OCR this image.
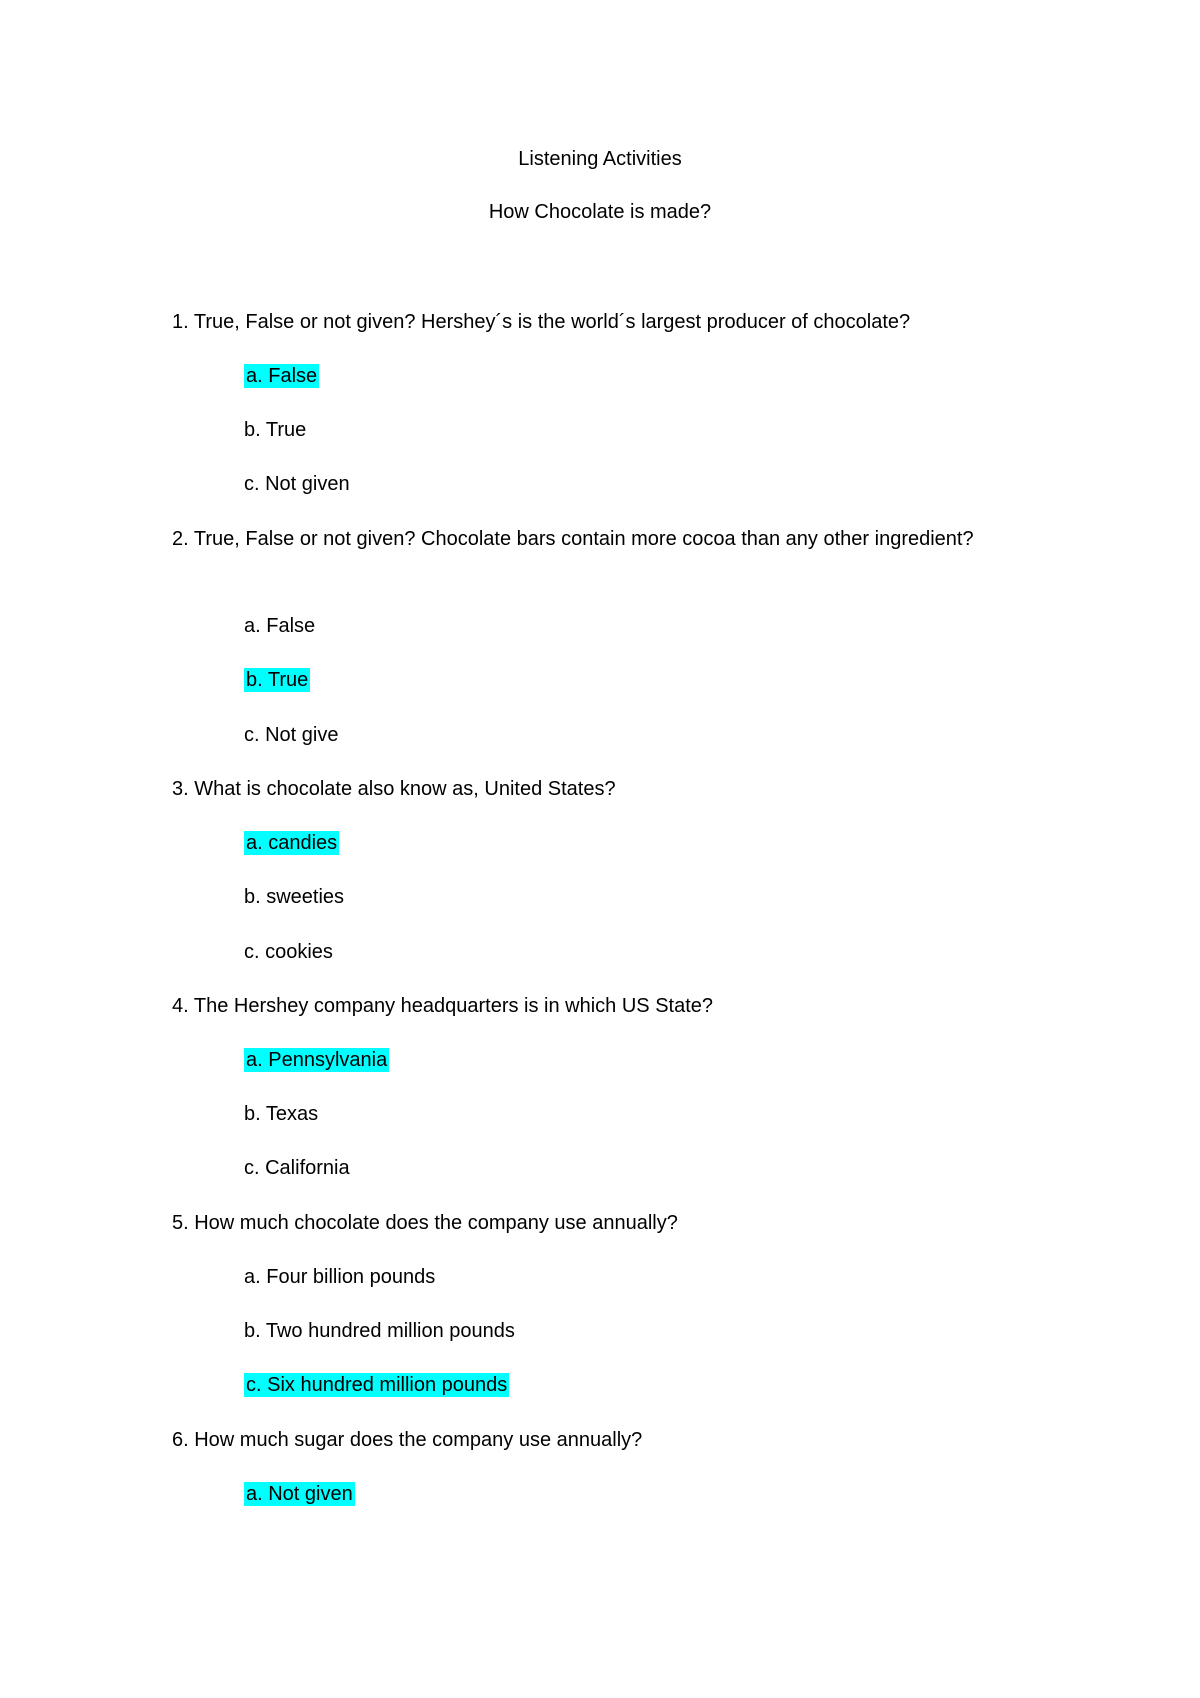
Listening Activities
How Chocolate is made?
1. True, False or not given? Hershey´s is the world´s largest producer of chocolate?
a. False
b. True
c. Not given
2. True, False or not given? Chocolate bars contain more cocoa than any other ingredient?
a. False
b. True
c. Not give
3. What is chocolate also know as, United States?
a. candies
b. sweeties
c. cookies
4. The Hershey company headquarters is in which US State?
a. Pennsylvania
b. Texas
c. California
5. How much chocolate does the company use annually?
a. Four billion pounds
b. Two hundred million pounds
c. Six hundred million pounds
6. How much sugar does the company use annually?
a. Not given
